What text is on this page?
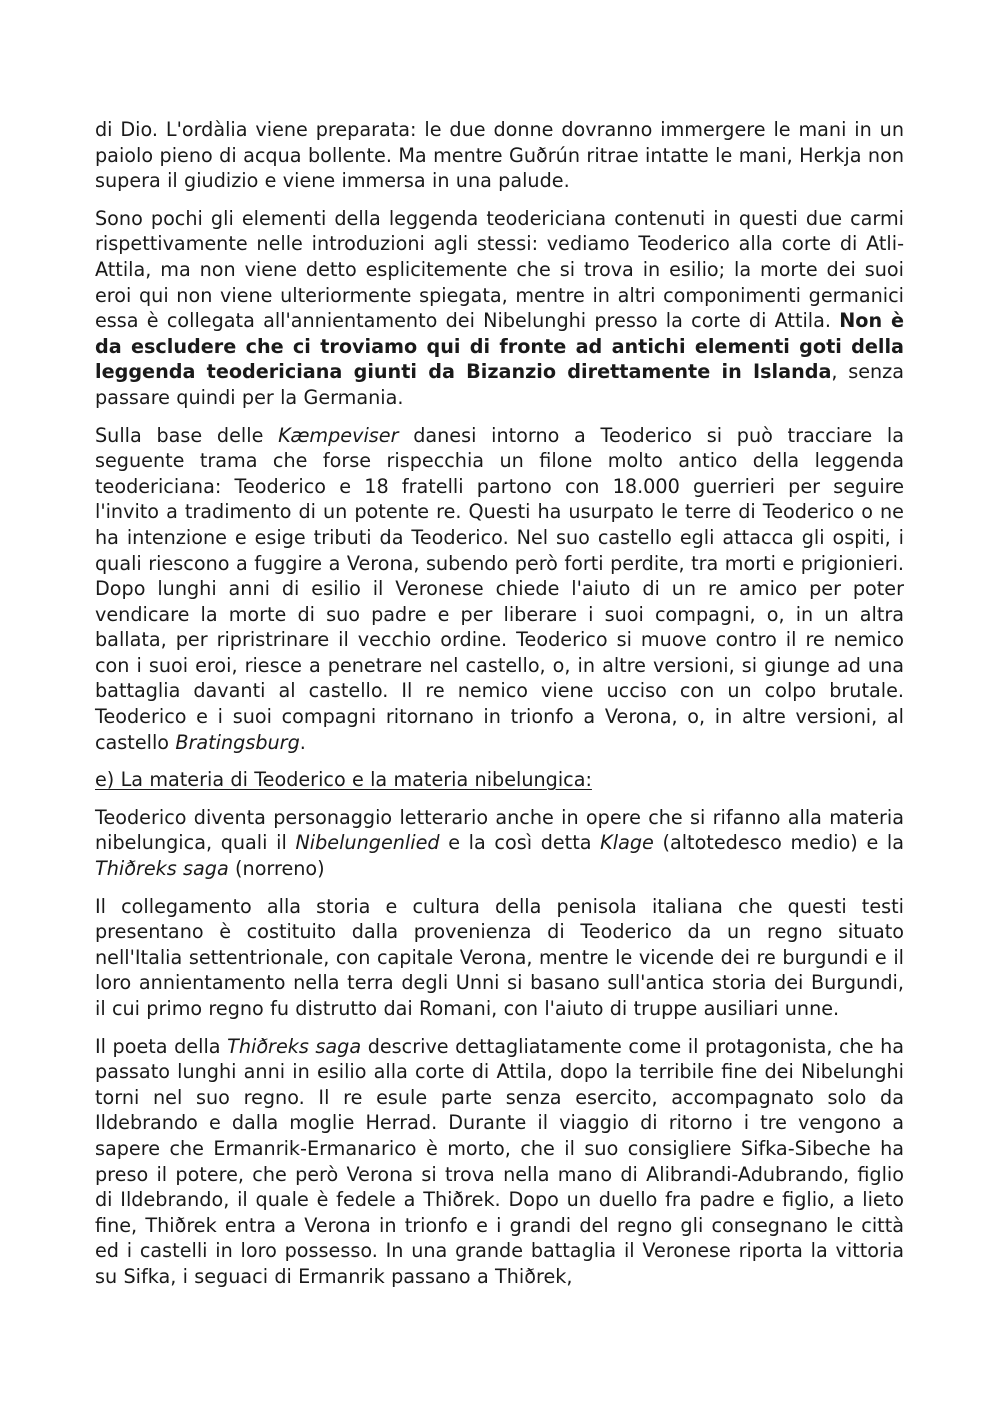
di Dio. L'ordàlia viene preparata: le due donne dovranno immergere le mani in un paiolo pieno di acqua bollente. Ma mentre Guðrún ritrae intatte le mani, Herkja non supera il giudizio e viene immersa in una palude.

Sono pochi gli elementi della leggenda teodericiana contenuti in questi due carmi rispettivamente nelle introduzioni agli stessi: vediamo Teoderico alla corte di Atli-Attila, ma non viene detto esplicitemente che si trova in esilio; la morte dei suoi eroi qui non viene ulteriormente spiegata, mentre in altri componimenti germanici essa è collegata all'annientamento dei Nibelunghi presso la corte di Attila. Non è da escludere che ci troviamo qui di fronte ad antichi elementi goti della leggenda teodericiana giunti da Bizanzio direttamente in Islanda, senza passare quindi per la Germania.

Sulla base delle Kæmpeviser danesi intorno a Teoderico si può tracciare la seguente trama che forse rispecchia un filone molto antico della leggenda teodericiana: Teoderico e 18 fratelli partono con 18.000 guerrieri per seguire l'invito a tradimento di un potente re. Questi ha usurpato le terre di Teoderico o ne ha intenzione e esige tributi da Teoderico. Nel suo castello egli attacca gli ospiti, i quali riescono a fuggire a Verona, subendo però forti perdite, tra morti e prigionieri. Dopo lunghi anni di esilio il Veronese chiede l'aiuto di un re amico per poter vendicare la morte di suo padre e per liberare i suoi compagni, o, in un altra ballata, per ripristrinare il vecchio ordine. Teoderico si muove contro il re nemico con i suoi eroi, riesce a penetrare nel castello, o, in altre versioni, si giunge ad una battaglia davanti al castello. Il re nemico viene ucciso con un colpo brutale. Teoderico e i suoi compagni ritornano in trionfo a Verona, o, in altre versioni, al castello Bratingsburg.

e) La materia di Teoderico e la materia nibelungica:

Teoderico diventa personaggio letterario anche in opere che si rifanno alla materia nibelungica, quali il Nibelungenlied e la così detta Klage (altotedesco medio) e la Thiðreks saga (norreno)

Il collegamento alla storia e cultura della penisola italiana che questi testi presentano è costituito dalla provenienza di Teoderico da un regno situato nell'Italia settentrionale, con capitale Verona, mentre le vicende dei re burgundi e il loro annientamento nella terra degli Unni si basano sull'antica storia dei Burgundi, il cui primo regno fu distrutto dai Romani, con l'aiuto di truppe ausiliari unne.

Il poeta della Thiðreks saga descrive dettagliatamente come il protagonista, che ha passato lunghi anni in esilio alla corte di Attila, dopo la terribile fine dei Nibelunghi torni nel suo regno. Il re esule parte senza esercito, accompagnato solo da Ildebrando e dalla moglie Herrad. Durante il viaggio di ritorno i tre vengono a sapere che Ermanrik-Ermanarico è morto, che il suo consigliere Sifka-Sibeche ha preso il potere, che però Verona si trova nella mano di Alibrandi-Adubrando, figlio di Ildebrando, il quale è fedele a Thiðrek. Dopo un duello fra padre e figlio, a lieto fine, Thiðrek entra a Verona in trionfo e i grandi del regno gli consegnano le città ed i castelli in loro possesso. In una grande battaglia il Veronese riporta la vittoria su Sifka, i seguaci di Ermanrik passano a Thiðrek,
